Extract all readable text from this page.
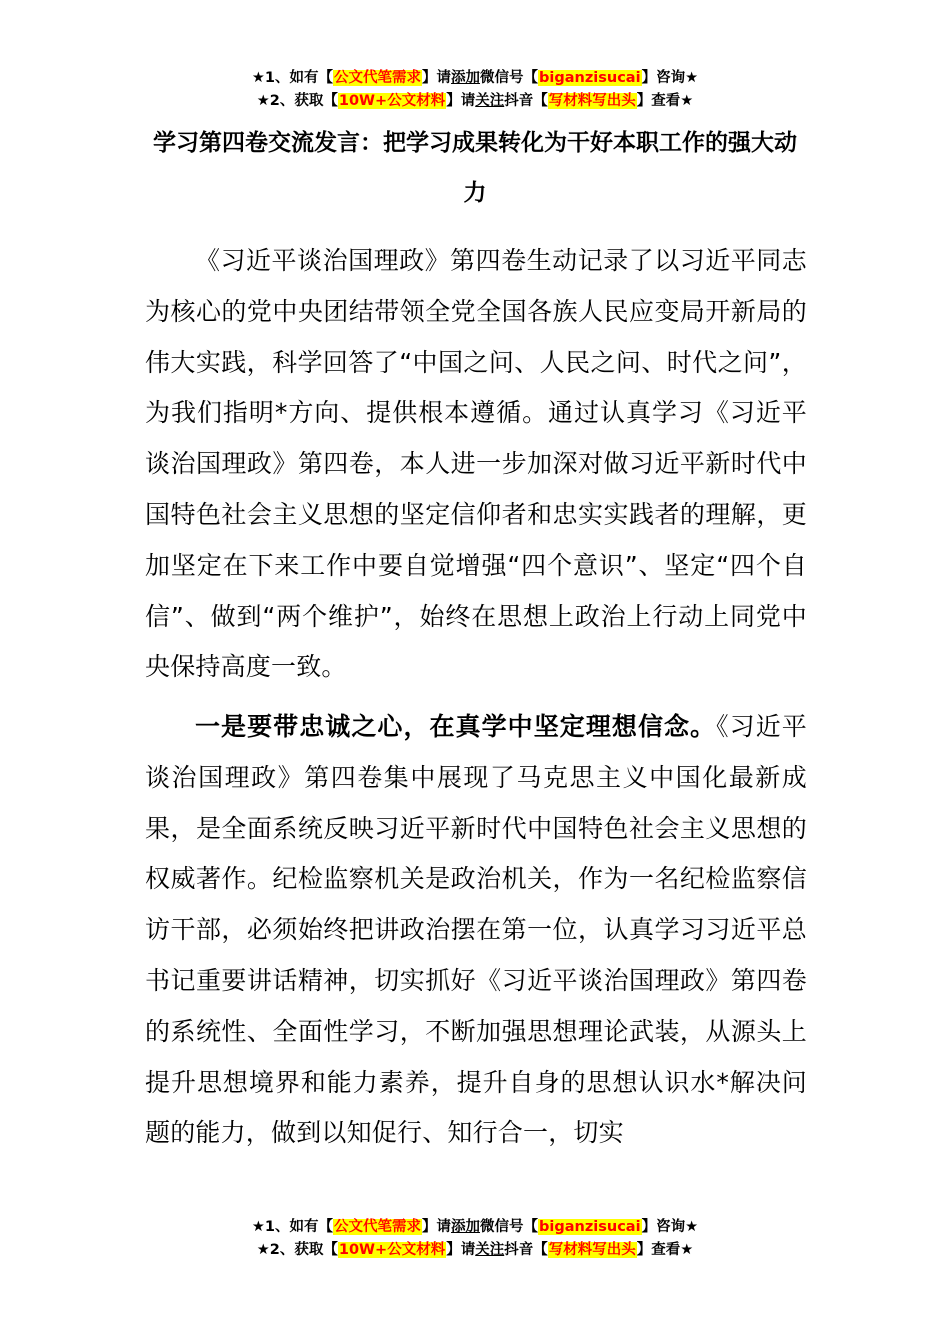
★1、如有【公文代笔需求】请添加微信号【biganzisucai】咨询★
★2、获取【10W+公文材料】请关注抖音【写材料写出头】查看★
学习第四卷交流发言：把学习成果转化为干好本职工作的强大动力

《习近平谈治国理政》第四卷生动记录了以习近平同志为核心的党中央团结带领全党全国各族人民应变局开新局的伟大实践，科学回答了“中国之问、人民之问、时代之问”，为我们指明*方向、提供根本遵循。通过认真学习《习近平谈治国理政》第四卷，本人进一步加深对做习近平新时代中国特色社会主义思想的坚定信仰者和忠实实践者的理解，更加坚定在下来工作中要自觉增强“四个意识”、坚定“四个自信”、做到“两个维护”，始终在思想上政治上行动上同党中央保持高度一致。

一是要带忠诚之心，在真学中坚定理想信念。《习近平谈治国理政》第四卷集中展现了马克思主义中国化最新成果，是全面系统反映习近平新时代中国特色社会主义思想的权威著作。纪检监察机关是政治机关，作为一名纪检监察信访干部，必须始终把讲政治摆在第一位，认真学习习近平总书记重要讲话精神，切实抓好《习近平谈治国理政》第四卷的系统性、全面性学习，不断加强思想理论武装，从源头上提升思想境界和能力素养，提升自身的思想认识水*解决问题的能力，做到以知促行、知行合一，切实

★1、如有【公文代笔需求】请添加微信号【biganzisucai】咨询★
★2、获取【10W+公文材料】请关注抖音【写材料写出头】查看★
